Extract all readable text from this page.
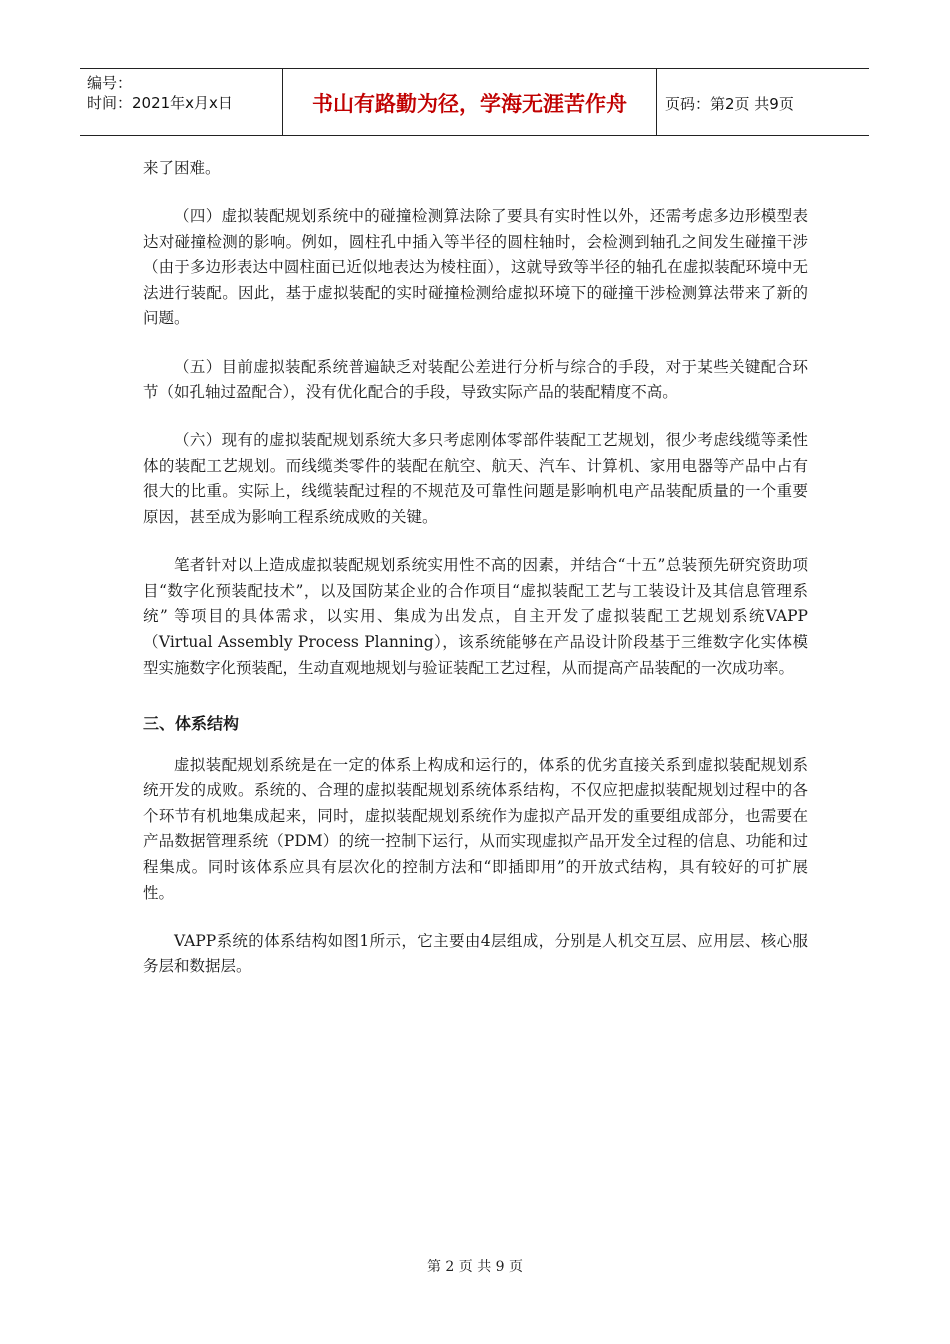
编号：
时间：2021年x月x日	书山有路勤为径，学海无涯苦作舟	页码：第2页 共9页

来了困难。

（四）虚拟装配规划系统中的碰撞检测算法除了要具有实时性以外，还需考虑多边形模型表达对碰撞检测的影响。例如，圆柱孔中插入等半径的圆柱轴时，会检测到轴孔之间发生碰撞干涉（由于多边形表达中圆柱面已近似地表达为棱柱面），这就导致等半径的轴孔在虚拟装配环境中无法进行装配。因此，基于虚拟装配的实时碰撞检测给虚拟环境下的碰撞干涉检测算法带来了新的问题。

（五）目前虚拟装配系统普遍缺乏对装配公差进行分析与综合的手段，对于某些关键配合环节（如孔轴过盈配合），没有优化配合的手段，导致实际产品的装配精度不高。

（六）现有的虚拟装配规划系统大多只考虑刚体零部件装配工艺规划，很少考虑线缆等柔性体的装配工艺规划。而线缆类零件的装配在航空、航天、汽车、计算机、家用电器等产品中占有很大的比重。实际上，线缆装配过程的不规范及可靠性问题是影响机电产品装配质量的一个重要原因，甚至成为影响工程系统成败的关键。

笔者针对以上造成虚拟装配规划系统实用性不高的因素，并结合“十五”总装预先研究资助项目“数字化预装配技术”，以及国防某企业的合作项目“虚拟装配工艺与工装设计及其信息管理系统” 等项目的具体需求，以实用、集成为出发点，自主开发了虚拟装配工艺规划系统VAPP（Virtual Assembly Process Planning），该系统能够在产品设计阶段基于三维数字化实体模型实施数字化预装配，生动直观地规划与验证装配工艺过程，从而提高产品装配的一次成功率。

三、体系结构

虚拟装配规划系统是在一定的体系上构成和运行的，体系的优劣直接关系到虚拟装配规划系统开发的成败。系统的、合理的虚拟装配规划系统体系结构，不仅应把虚拟装配规划过程中的各个环节有机地集成起来，同时，虚拟装配规划系统作为虚拟产品开发的重要组成部分，也需要在产品数据管理系统（PDM）的统一控制下运行，从而实现虚拟产品开发全过程的信息、功能和过程集成。同时该体系应具有层次化的控制方法和“即插即用”的开放式结构，具有较好的可扩展性。

VAPP系统的体系结构如图1所示，它主要由4层组成，分别是人机交互层、应用层、核心服务层和数据层。

第 2 页 共 9 页
